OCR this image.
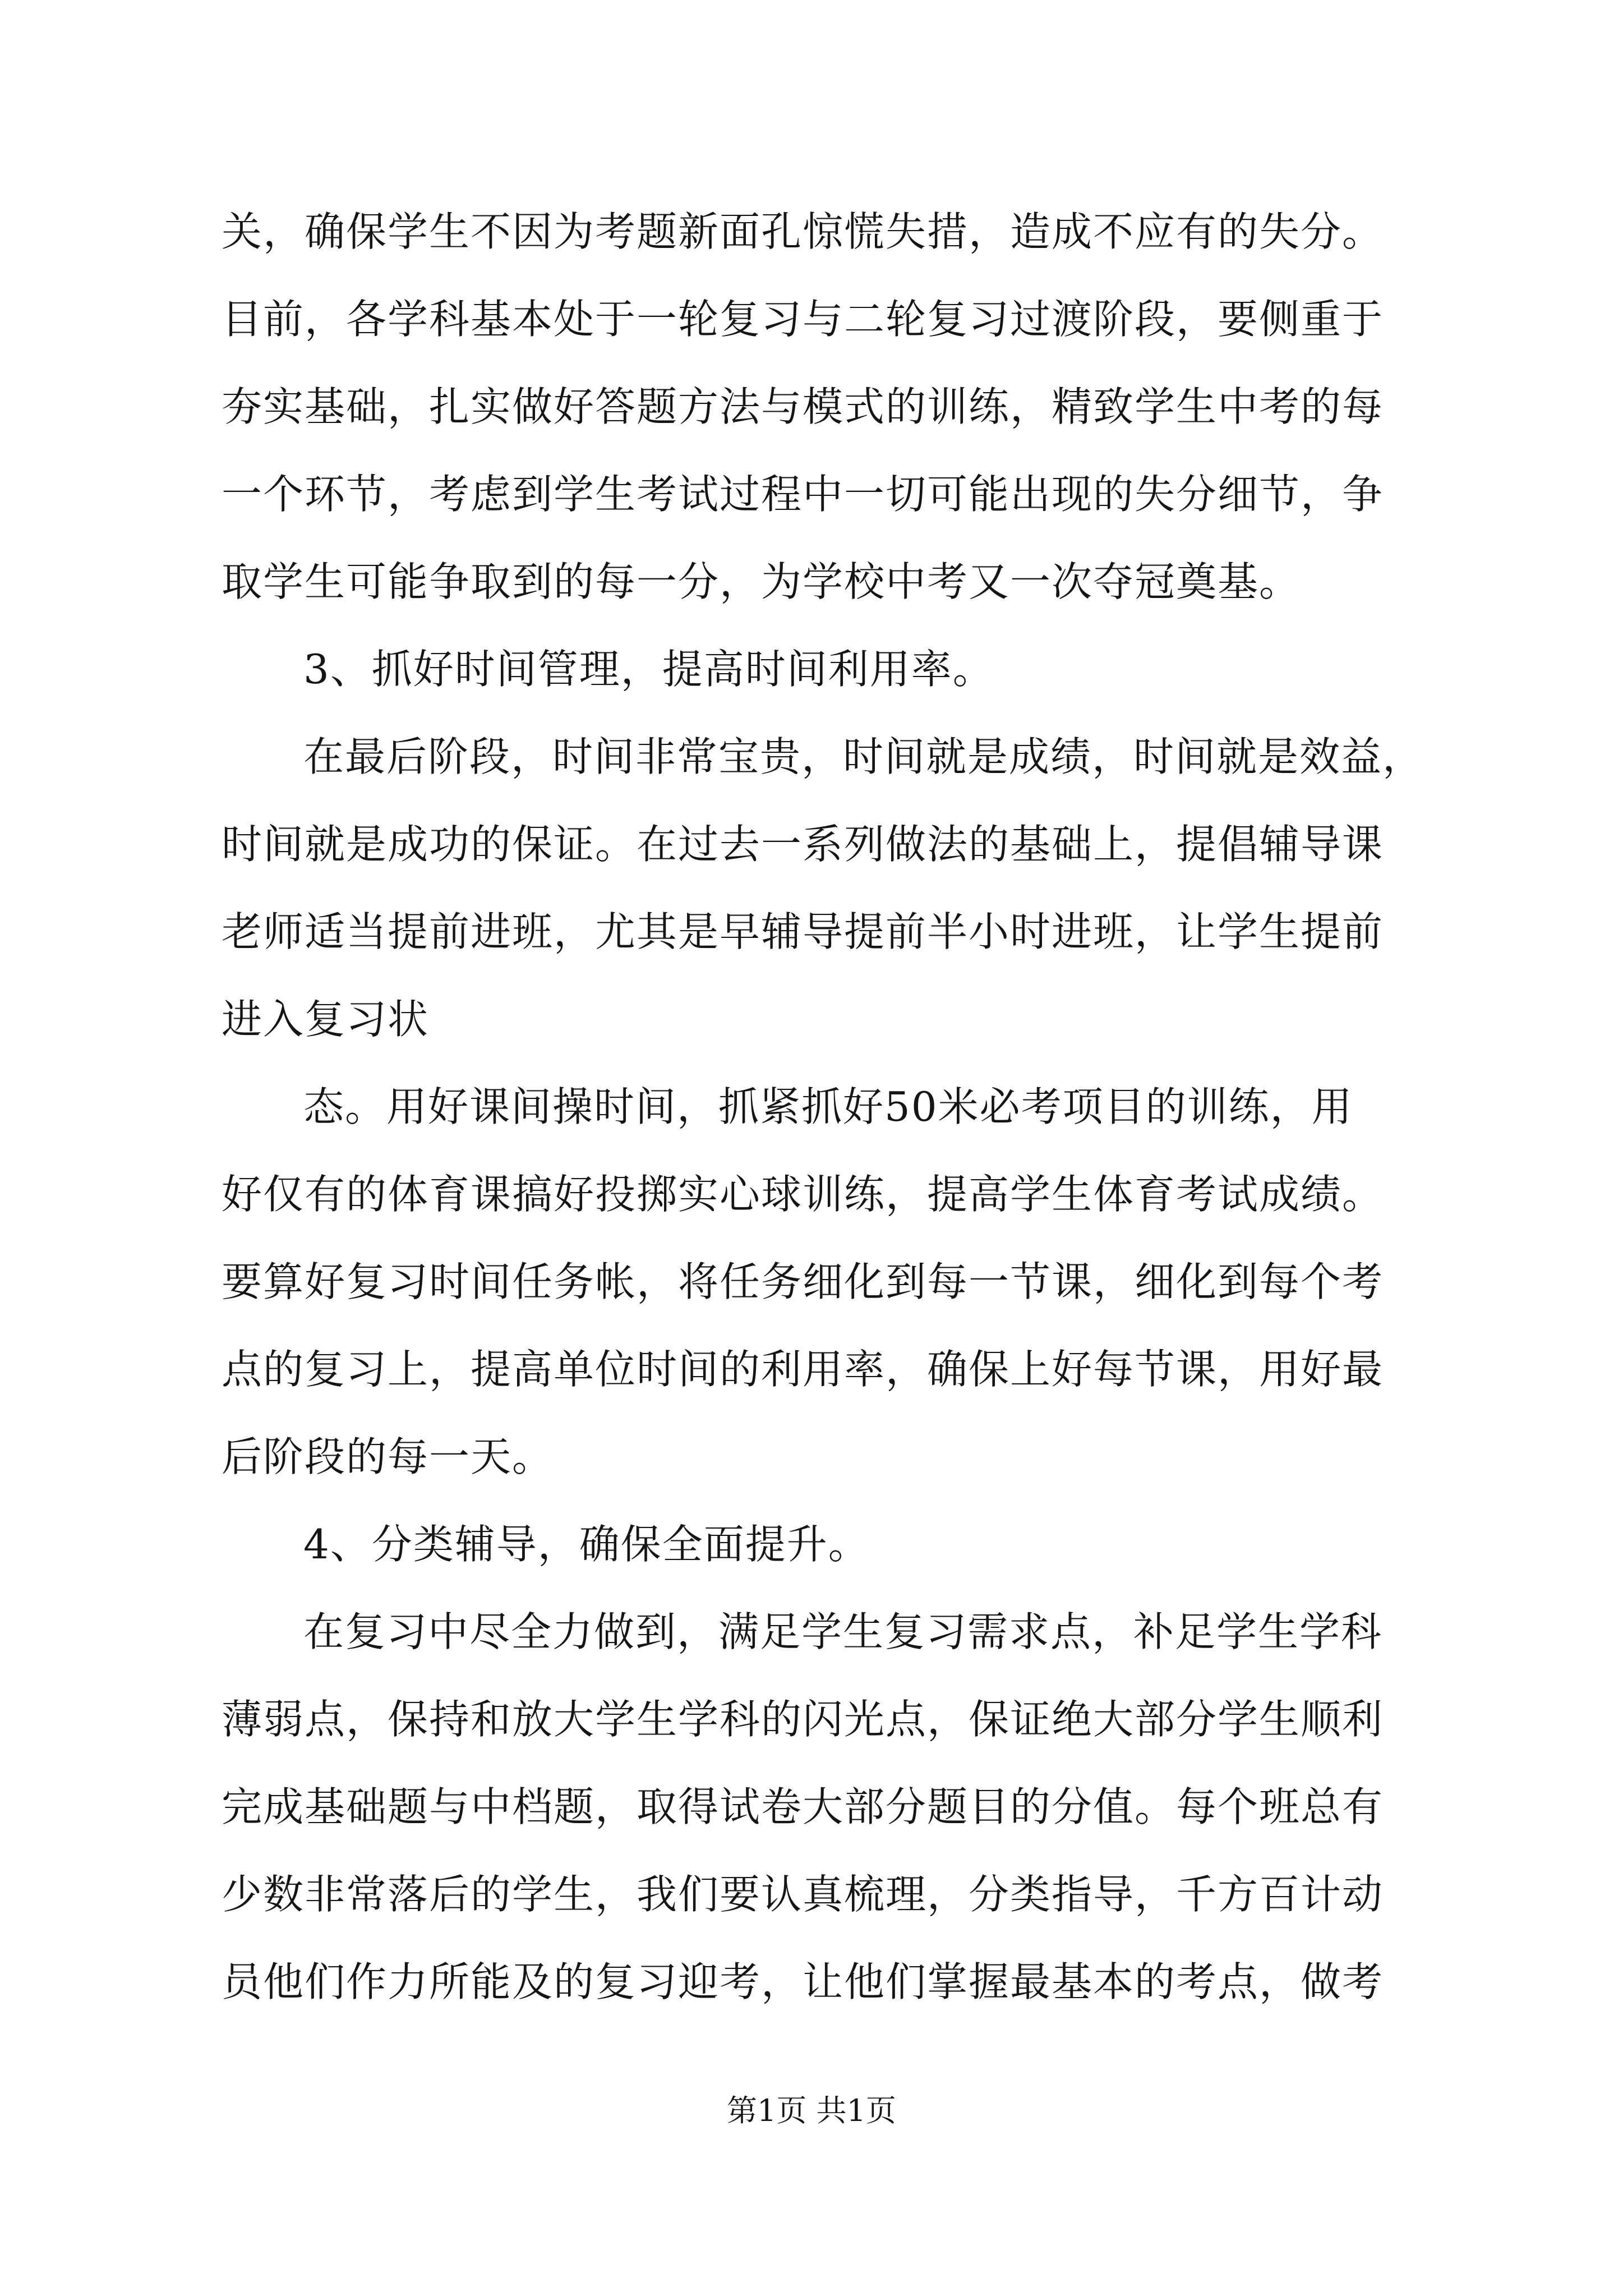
关，确保学生不因为考题新面孔惊慌失措，造成不应有的失分。
目前，各学科基本处于一轮复习与二轮复习过渡阶段，要侧重于
夯实基础，扎实做好答题方法与模式的训练，精致学生中考的每
一个环节，考虑到学生考试过程中一切可能出现的失分细节，争
取学生可能争取到的每一分，为学校中考又一次夺冠奠基。
3、抓好时间管理，提高时间利用率。
在最后阶段，时间非常宝贵，时间就是成绩，时间就是效益，
时间就是成功的保证。在过去一系列做法的基础上，提倡辅导课
老师适当提前进班，尤其是早辅导提前半小时进班，让学生提前
进入复习状
态。用好课间操时间，抓紧抓好50米必考项目的训练，用
好仅有的体育课搞好投掷实心球训练，提高学生体育考试成绩。
要算好复习时间任务帐，将任务细化到每一节课，细化到每个考
点的复习上，提高单位时间的利用率，确保上好每节课，用好最
后阶段的每一天。
4、分类辅导，确保全面提升。
在复习中尽全力做到，满足学生复习需求点，补足学生学科
薄弱点，保持和放大学生学科的闪光点，保证绝大部分学生顺利
完成基础题与中档题，取得试卷大部分题目的分值。每个班总有
少数非常落后的学生，我们要认真梳理，分类指导，千方百计动
员他们作力所能及的复习迎考，让他们掌握最基本的考点，做考
第1页 共1页
